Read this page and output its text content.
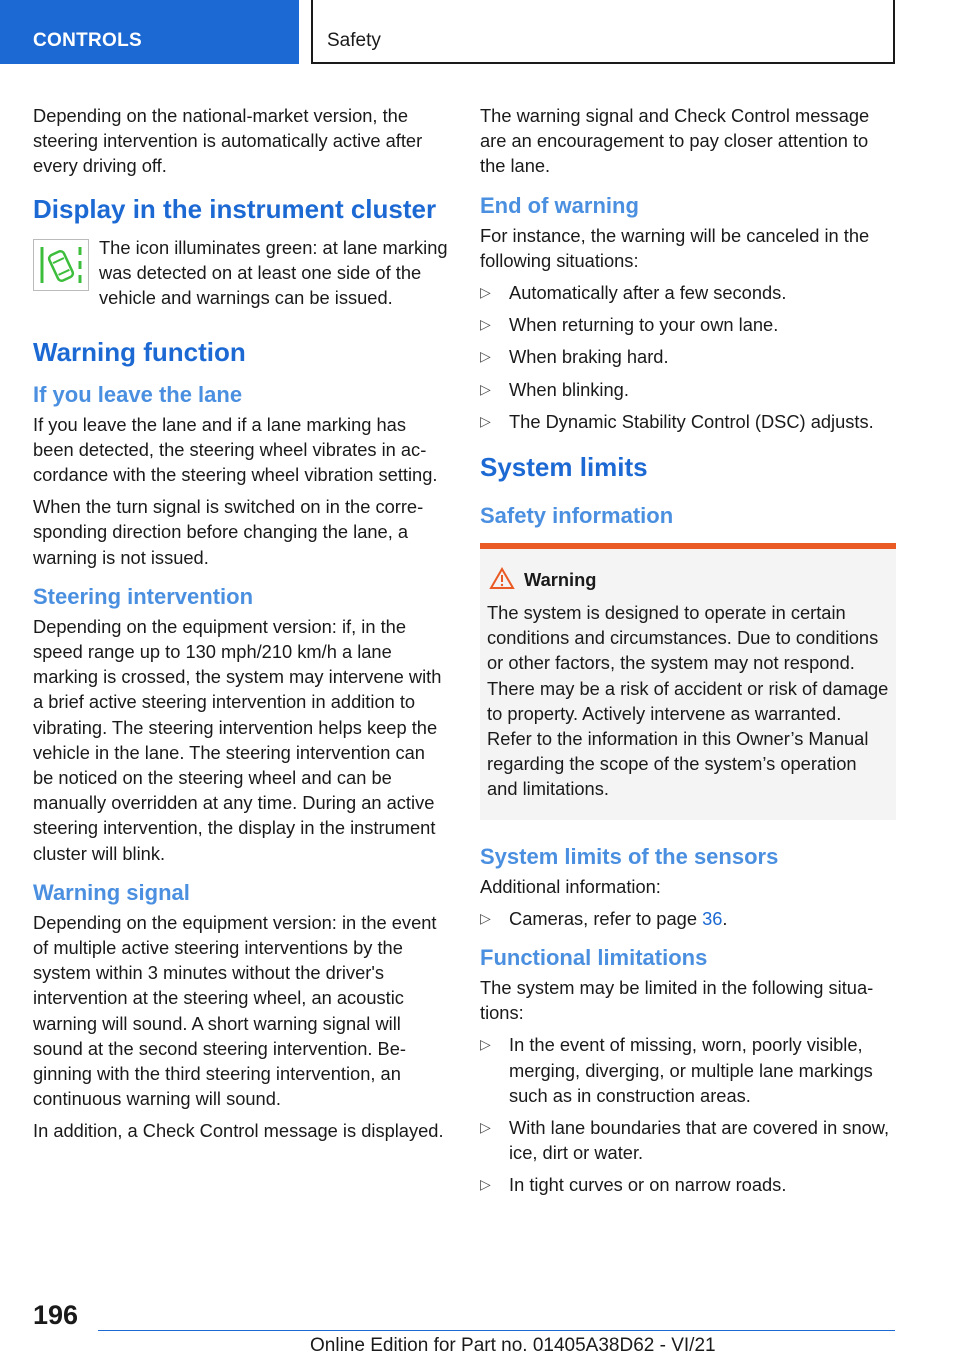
CONTROLS	Safety

Depending on the national-market version, the steering intervention is automatically active after every driving off.

Display in the instrument cluster
The icon illuminates green: at lane marking was detected on at least one side of the vehicle and warnings can be issued.
Warning function
If you leave the lane

If you leave the lane and if a lane marking has been detected, the steering wheel vibrates in accordance with the steering wheel vibration setting.

When the turn signal is switched on in the corresponding direction before changing the lane, a warning is not issued.

Steering intervention

Depending on the equipment version: if, in the speed range up to 130 mph/210 km/h a lane marking is crossed, the system may intervene with a brief active steering intervention in addition to vibrating. The steering intervention helps keep the vehicle in the lane. The steering intervention can be noticed on the steering wheel and can be manually overridden at any time. During an active steering intervention, the display in the instrument cluster will blink.

Warning signal

Depending on the equipment version: in the event of multiple active steering interventions by the system within 3 minutes without the driver's intervention at the steering wheel, an acoustic warning will sound. A short warning signal will sound at the second steering intervention. Beginning with the third steering intervention, an continuous warning will sound.

In addition, a Check Control message is displayed.

The warning signal and Check Control message are an encouragement to pay closer attention to the lane.

End of warning

For instance, the warning will be canceled in the following situations:

▷ Automatically after a few seconds.
▷ When returning to your own lane.
▷ When braking hard.
▷ When blinking.
▷ The Dynamic Stability Control (DSC) adjusts.
System limits
Safety information
Warning

The system is designed to operate in certain conditions and circumstances. Due to conditions or other factors, the system may not respond. There may be a risk of accident or risk of damage to property. Actively intervene as warranted. Refer to the information in this Owner’s Manual regarding the scope of the system’s operation and limitations.

System limits of the sensors

Additional information:

▷ Cameras, refer to page 36.
Functional limitations

The system may be limited in the following situations:

▷ In the event of missing, worn, poorly visible, merging, diverging, or multiple lane markings such as in construction areas.
▷ With lane boundaries that are covered in snow, ice, dirt or water.
▷ In tight curves or on narrow roads.
196
Online Edition for Part no. 01405A38D62 - VI/21
